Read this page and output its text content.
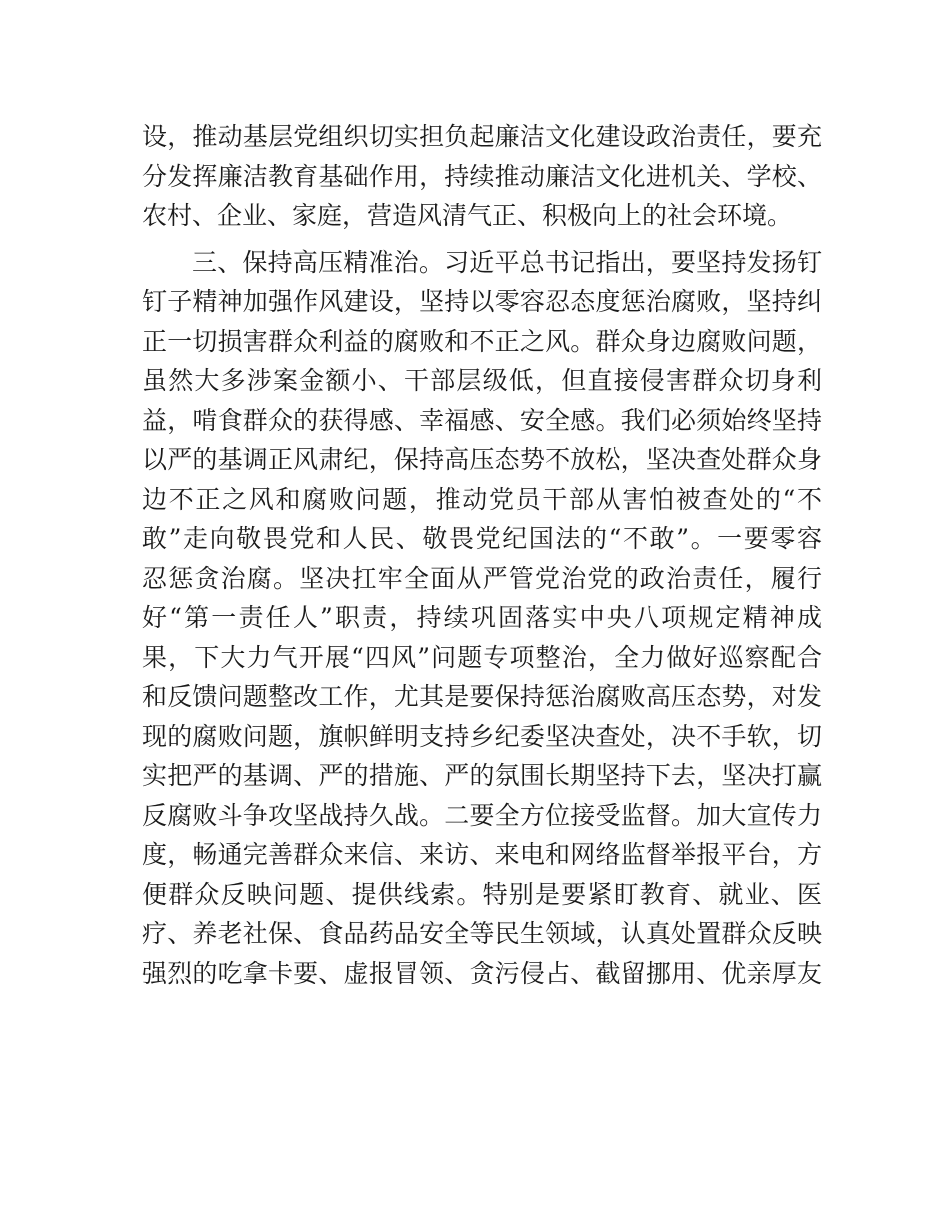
设，推动基层党组织切实担负起廉洁文化建设政治责任，要充
分发挥廉洁教育基础作用，持续推动廉洁文化进机关、学校、
农村、企业、家庭，营造风清气正、积极向上的社会环境。
三、保持高压精准治。习近平总书记指出，要坚持发扬钉
钉子精神加强作风建设，坚持以零容忍态度惩治腐败，坚持纠
正一切损害群众利益的腐败和不正之风。群众身边腐败问题，
虽然大多涉案金额小、干部层级低，但直接侵害群众切身利
益，啃食群众的获得感、幸福感、安全感。我们必须始终坚持
以严的基调正风肃纪，保持高压态势不放松，坚决查处群众身
边不正之风和腐败问题，推动党员干部从害怕被查处的“不
敢”走向敬畏党和人民、敬畏党纪国法的“不敢”。一要零容
忍惩贪治腐。坚决扛牢全面从严管党治党的政治责任，履行
好“第一责任人”职责，持续巩固落实中央八项规定精神成
果，下大力气开展“四风”问题专项整治，全力做好巡察配合
和反馈问题整改工作，尤其是要保持惩治腐败高压态势，对发
现的腐败问题，旗帜鲜明支持乡纪委坚决查处，决不手软，切
实把严的基调、严的措施、严的氛围长期坚持下去，坚决打赢
反腐败斗争攻坚战持久战。二要全方位接受监督。加大宣传力
度，畅通完善群众来信、来访、来电和网络监督举报平台，方
便群众反映问题、提供线索。特别是要紧盯教育、就业、医
疗、养老社保、食品药品安全等民生领域，认真处置群众反映
强烈的吃拿卡要、虚报冒领、贪污侵占、截留挪用、优亲厚友
